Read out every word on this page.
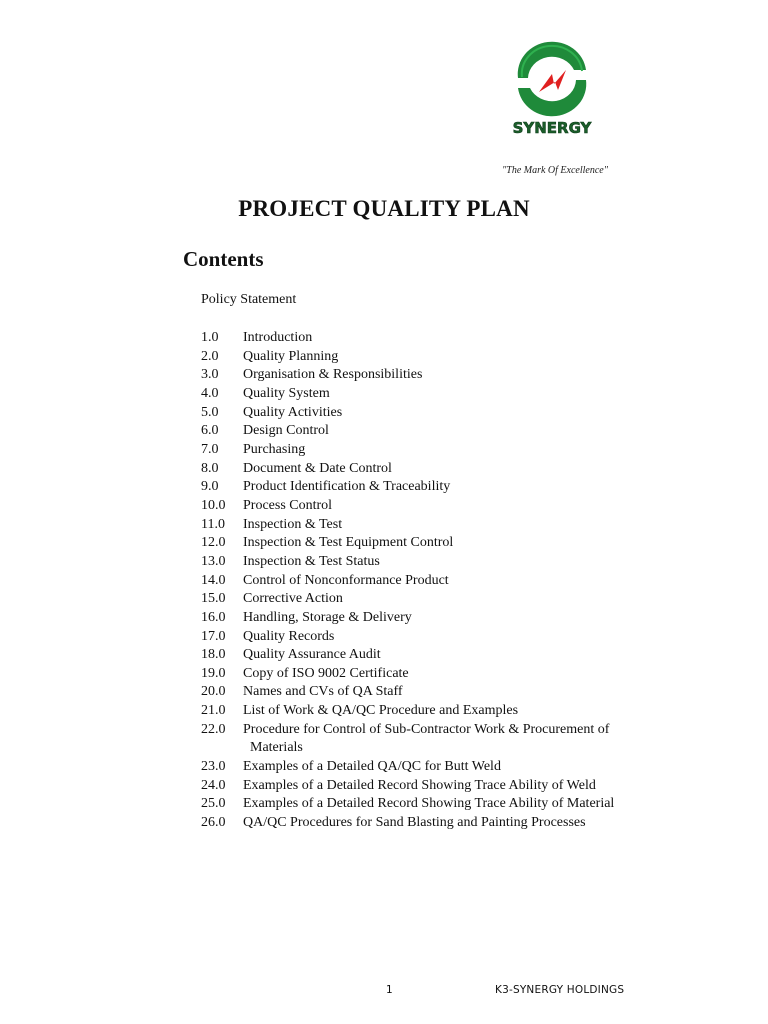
SYNERGY
"The Mark Of Excellence"
PROJECT QUALITY PLAN
Contents
Policy Statement
1.0	Introduction
2.0	Quality Planning
3.0	Organisation & Responsibilities
4.0	Quality System
5.0	Quality Activities
6.0	Design Control
7.0	Purchasing
8.0	Document & Date Control
9.0	Product Identification & Traceability
10.0	Process Control
11.0	Inspection & Test
12.0	Inspection & Test Equipment Control
13.0	Inspection & Test Status
14.0	Control of Nonconformance Product
15.0	Corrective Action
16.0	Handling, Storage & Delivery
17.0	Quality Records
18.0	Quality Assurance Audit
19.0	Copy of ISO 9002 Certificate
20.0	Names and CVs of QA Staff
21.0	List of Work & QA/QC Procedure and Examples
22.0	Procedure for Control of Sub-Contractor Work & Procurement of
Materials
23.0	Examples of a Detailed QA/QC for Butt Weld
24.0	Examples of a Detailed Record Showing Trace Ability of Weld
25.0	Examples of a Detailed Record Showing Trace Ability of Material
26.0	QA/QC Procedures for Sand Blasting and Painting Processes
1	K3-SYNERGY HOLDINGS
